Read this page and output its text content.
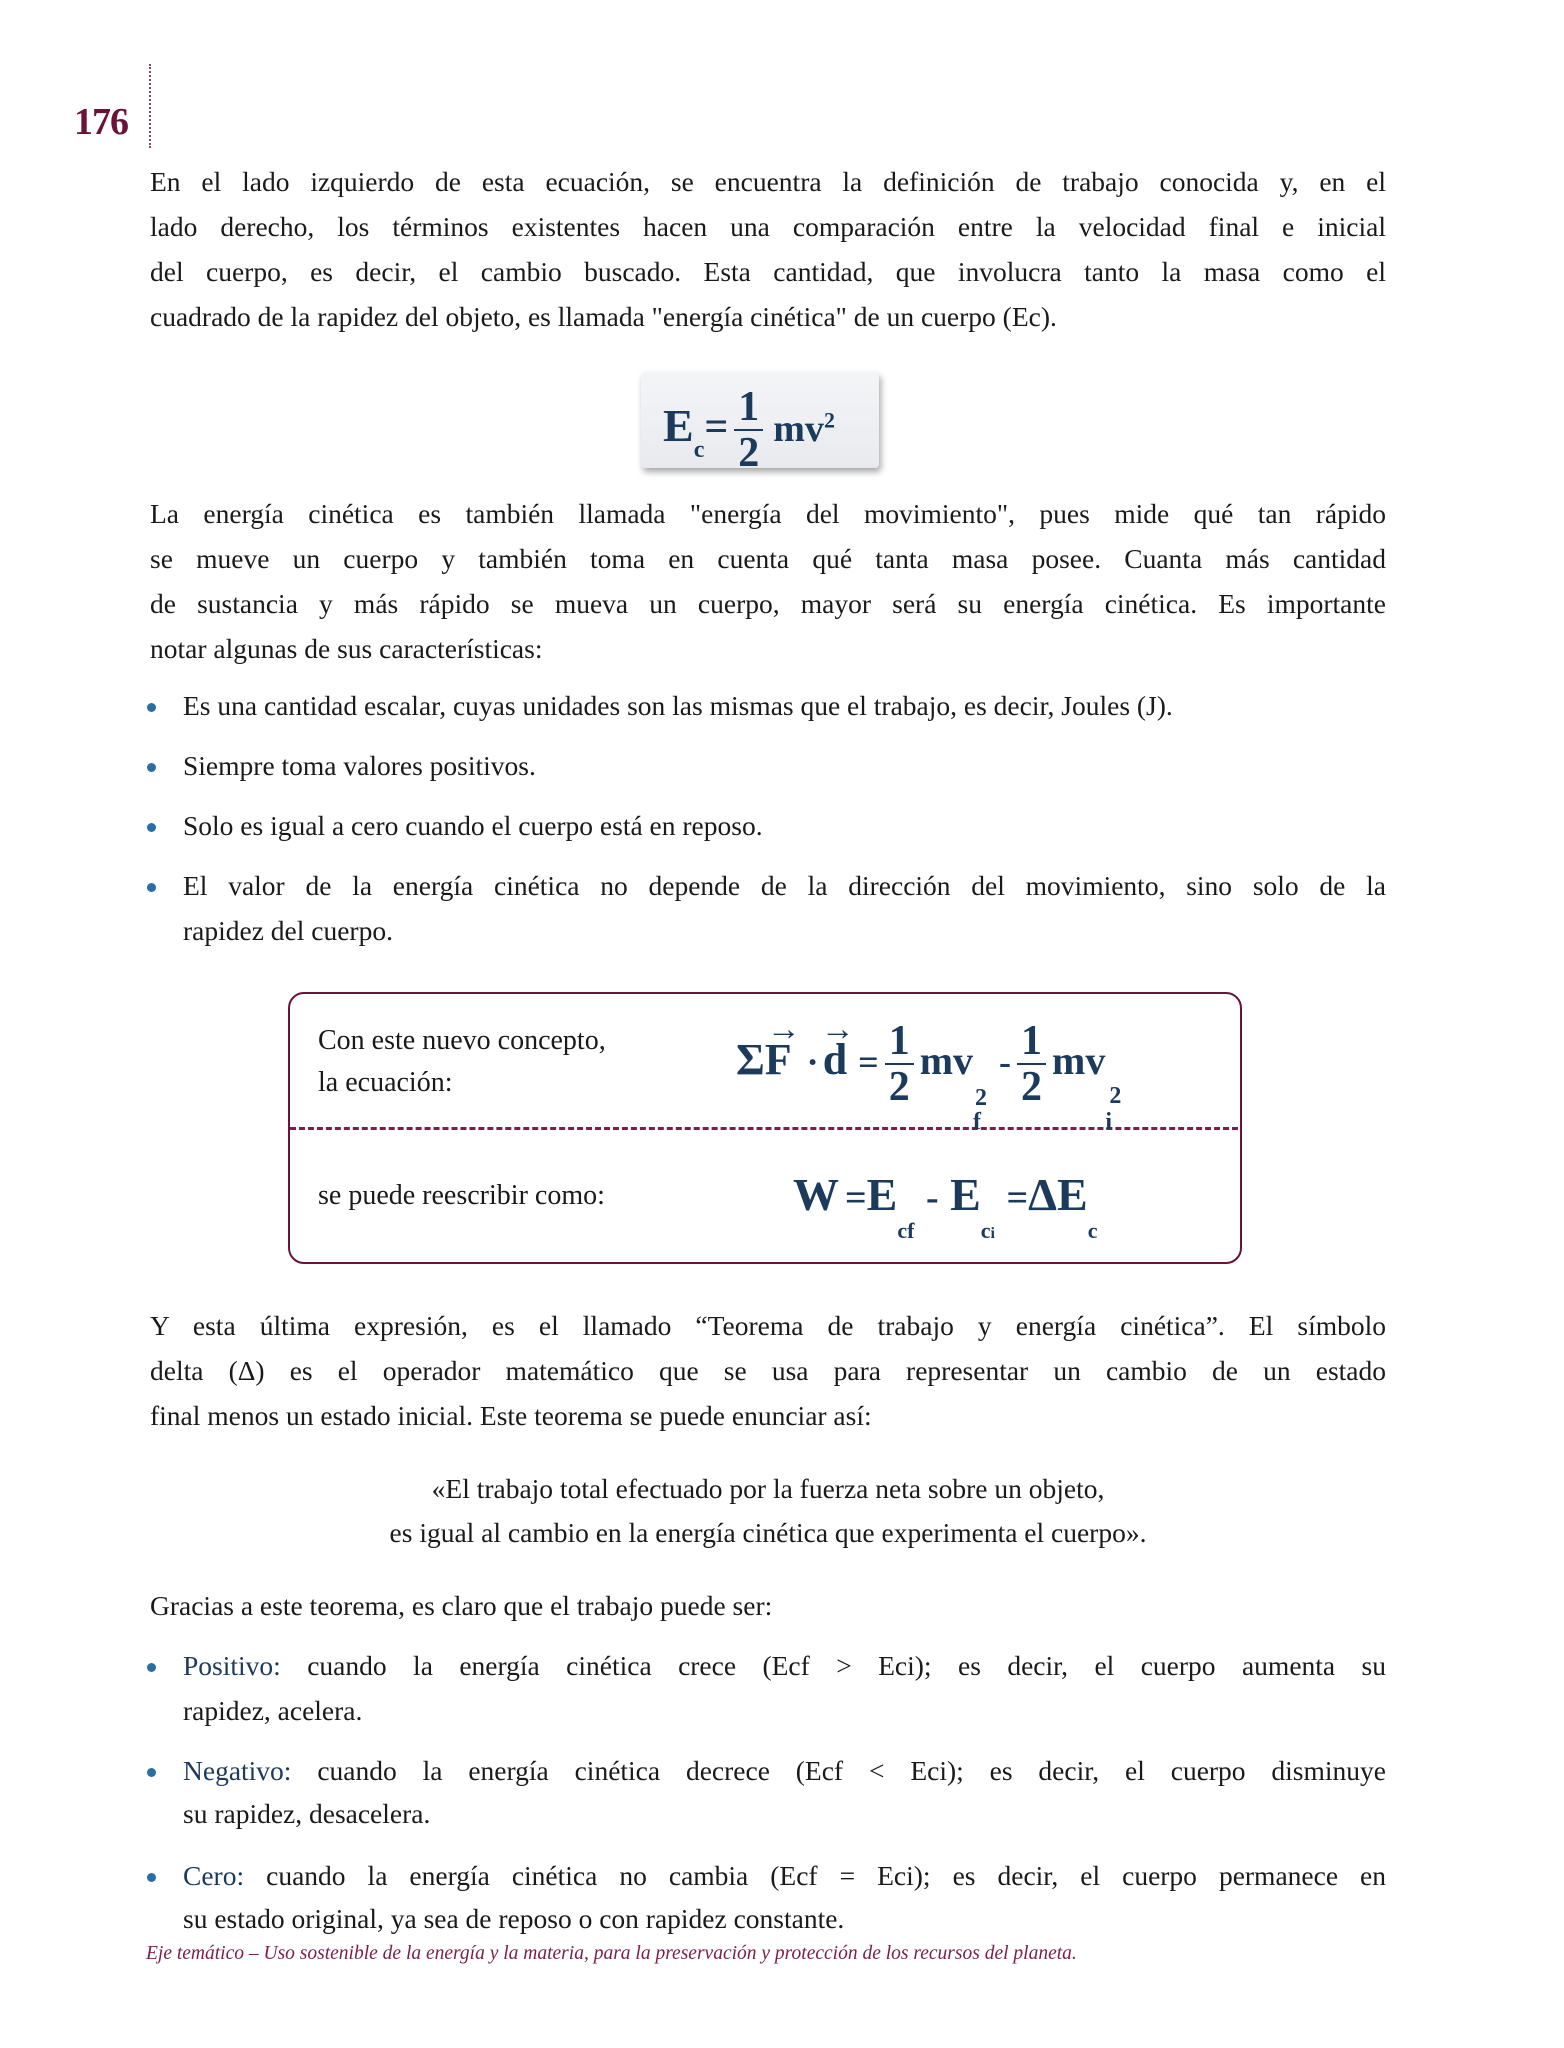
176
En el lado izquierdo de esta ecuación, se encuentra la definición de trabajo conocida y, en el
lado derecho, los términos existentes hacen una comparación entre la velocidad final e inicial
del cuerpo, es decir, el cambio buscado. Esta cantidad, que involucra tanto la masa como el
cuadrado de la rapidez del objeto, es llamada "energía cinética" de un cuerpo (Ec).
$E_c= \frac{1}{2} mv^2$
La energía cinética es también llamada "energía del movimiento", pues mide qué tan rápido
se mueve un cuerpo y también toma en cuenta qué tanta masa posee. Cuanta más cantidad
de sustancia y más rápido se mueva un cuerpo, mayor será su energía cinética. Es importante
notar algunas de sus características:
Es una cantidad escalar, cuyas unidades son las mismas que el trabajo, es decir, Joules (J).
Siempre toma valores positivos.
Solo es igual a cero cuando el cuerpo está en reposo.
El valor de la energía cinética no depende de la dirección del movimiento, sino solo de la
rapidez del cuerpo.
Con este nuevo concepto,
la ecuación:	Σ
→
F ·
→
$d = \frac{1}{2}$ mv
2
f
- $\frac{1}{2}$ mv
2
i
se puede reescribir como:	$W =E_{cf} - E_{ci} =\Delta E_c$
Y esta última expresión, es el llamado “Teorema de trabajo y energía cinética”. El símbolo
delta (Δ) es el operador matemático que se usa para representar un cambio de un estado
final menos un estado inicial. Este teorema se puede enunciar así:
«El trabajo total efectuado por la fuerza neta sobre un objeto,
es igual al cambio en la energía cinética que experimenta el cuerpo».
Gracias a este teorema, es claro que el trabajo puede ser:
Positivo: cuando la energía cinética crece (Ecf > Eci); es decir, el cuerpo aumenta su
rapidez, acelera.
Negativo: cuando la energía cinética decrece (Ecf < Eci); es decir, el cuerpo disminuye
su rapidez, desacelera.
Cero: cuando la energía cinética no cambia (Ecf = Eci); es decir, el cuerpo permanece en
su estado original, ya sea de reposo o con rapidez constante.
Eje temático – Uso sostenible de la energía y la materia, para la preservación y protección de los recursos del planeta.
